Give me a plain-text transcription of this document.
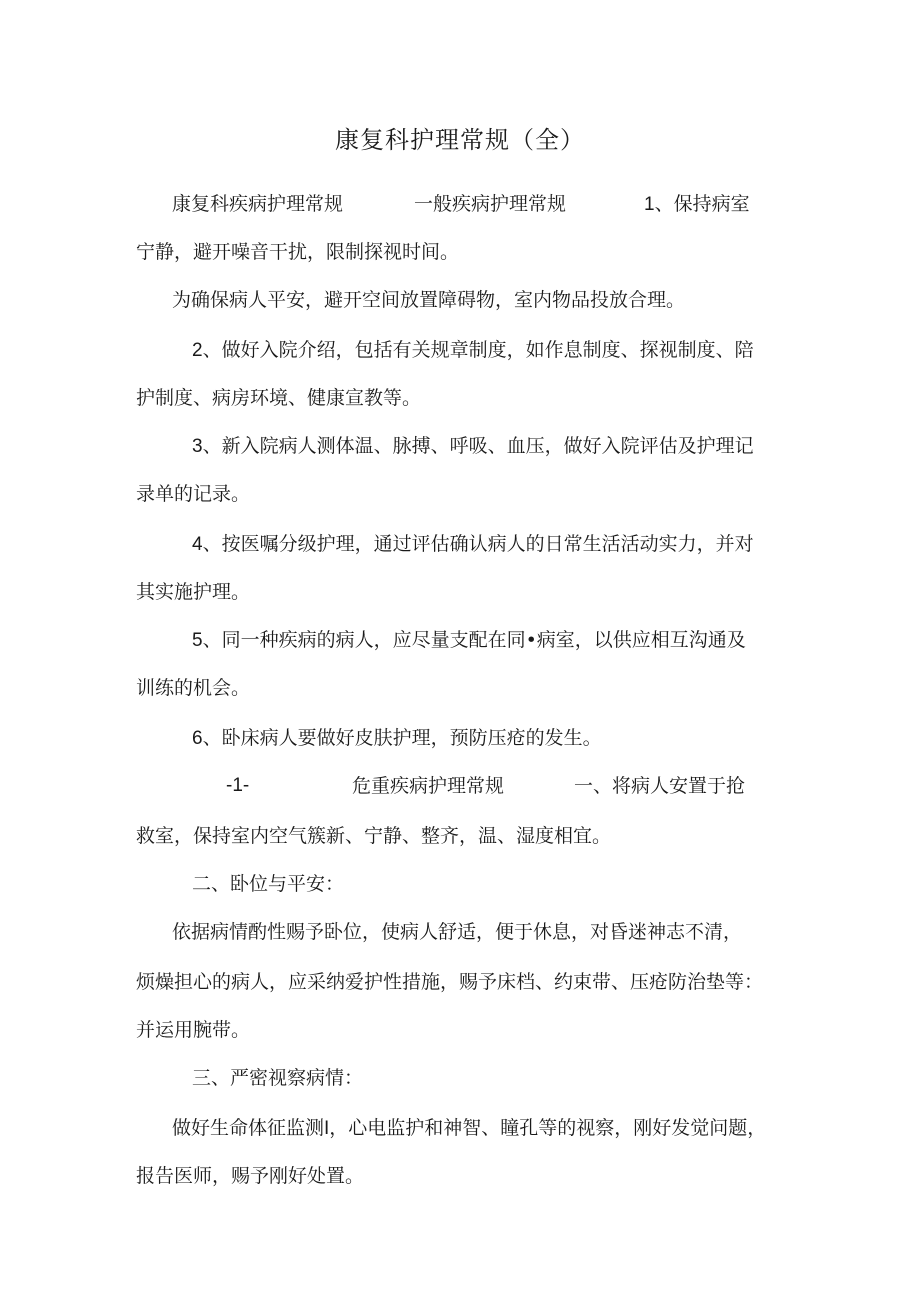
康复科护理常规（全）
康复科疾病护理常规	一般疾病护理常规	1、保持病室
宁静，避开噪音干扰，限制探视时间。
为确保病人平安，避开空间放置障碍物，室内物品投放合理。
2、做好入院介绍，包括有关规章制度，如作息制度、探视制度、陪
护制度、病房环境、健康宣教等。
3、新入院病人测体温、脉搏、呼吸、血压，做好入院评估及护理记
录单的记录。
4、按医嘱分级护理，通过评估确认病人的日常生活活动实力，并对
其实施护理。
5、同一种疾病的病人，应尽量支配在同•病室，以供应相互沟通及
训练的机会。
6、卧床病人要做好皮肤护理，预防压疮的发生。
-1-	危重疾病护理常规	一、将病人安置于抢
救室，保持室内空气簇新、宁静、整齐，温、湿度相宜。
二、卧位与平安：
依据病情酌性赐予卧位，使病人舒适，便于休息，对昏迷神志不清，
烦燥担心的病人，应采纳爱护性措施，赐予床档、约束带、压疮防治垫等：
并运用腕带。
三、严密视察病情：
做好生命体征监测I，心电监护和神智、瞳孔等的视察，刚好发觉问题，
报告医师，赐予刚好处置。
